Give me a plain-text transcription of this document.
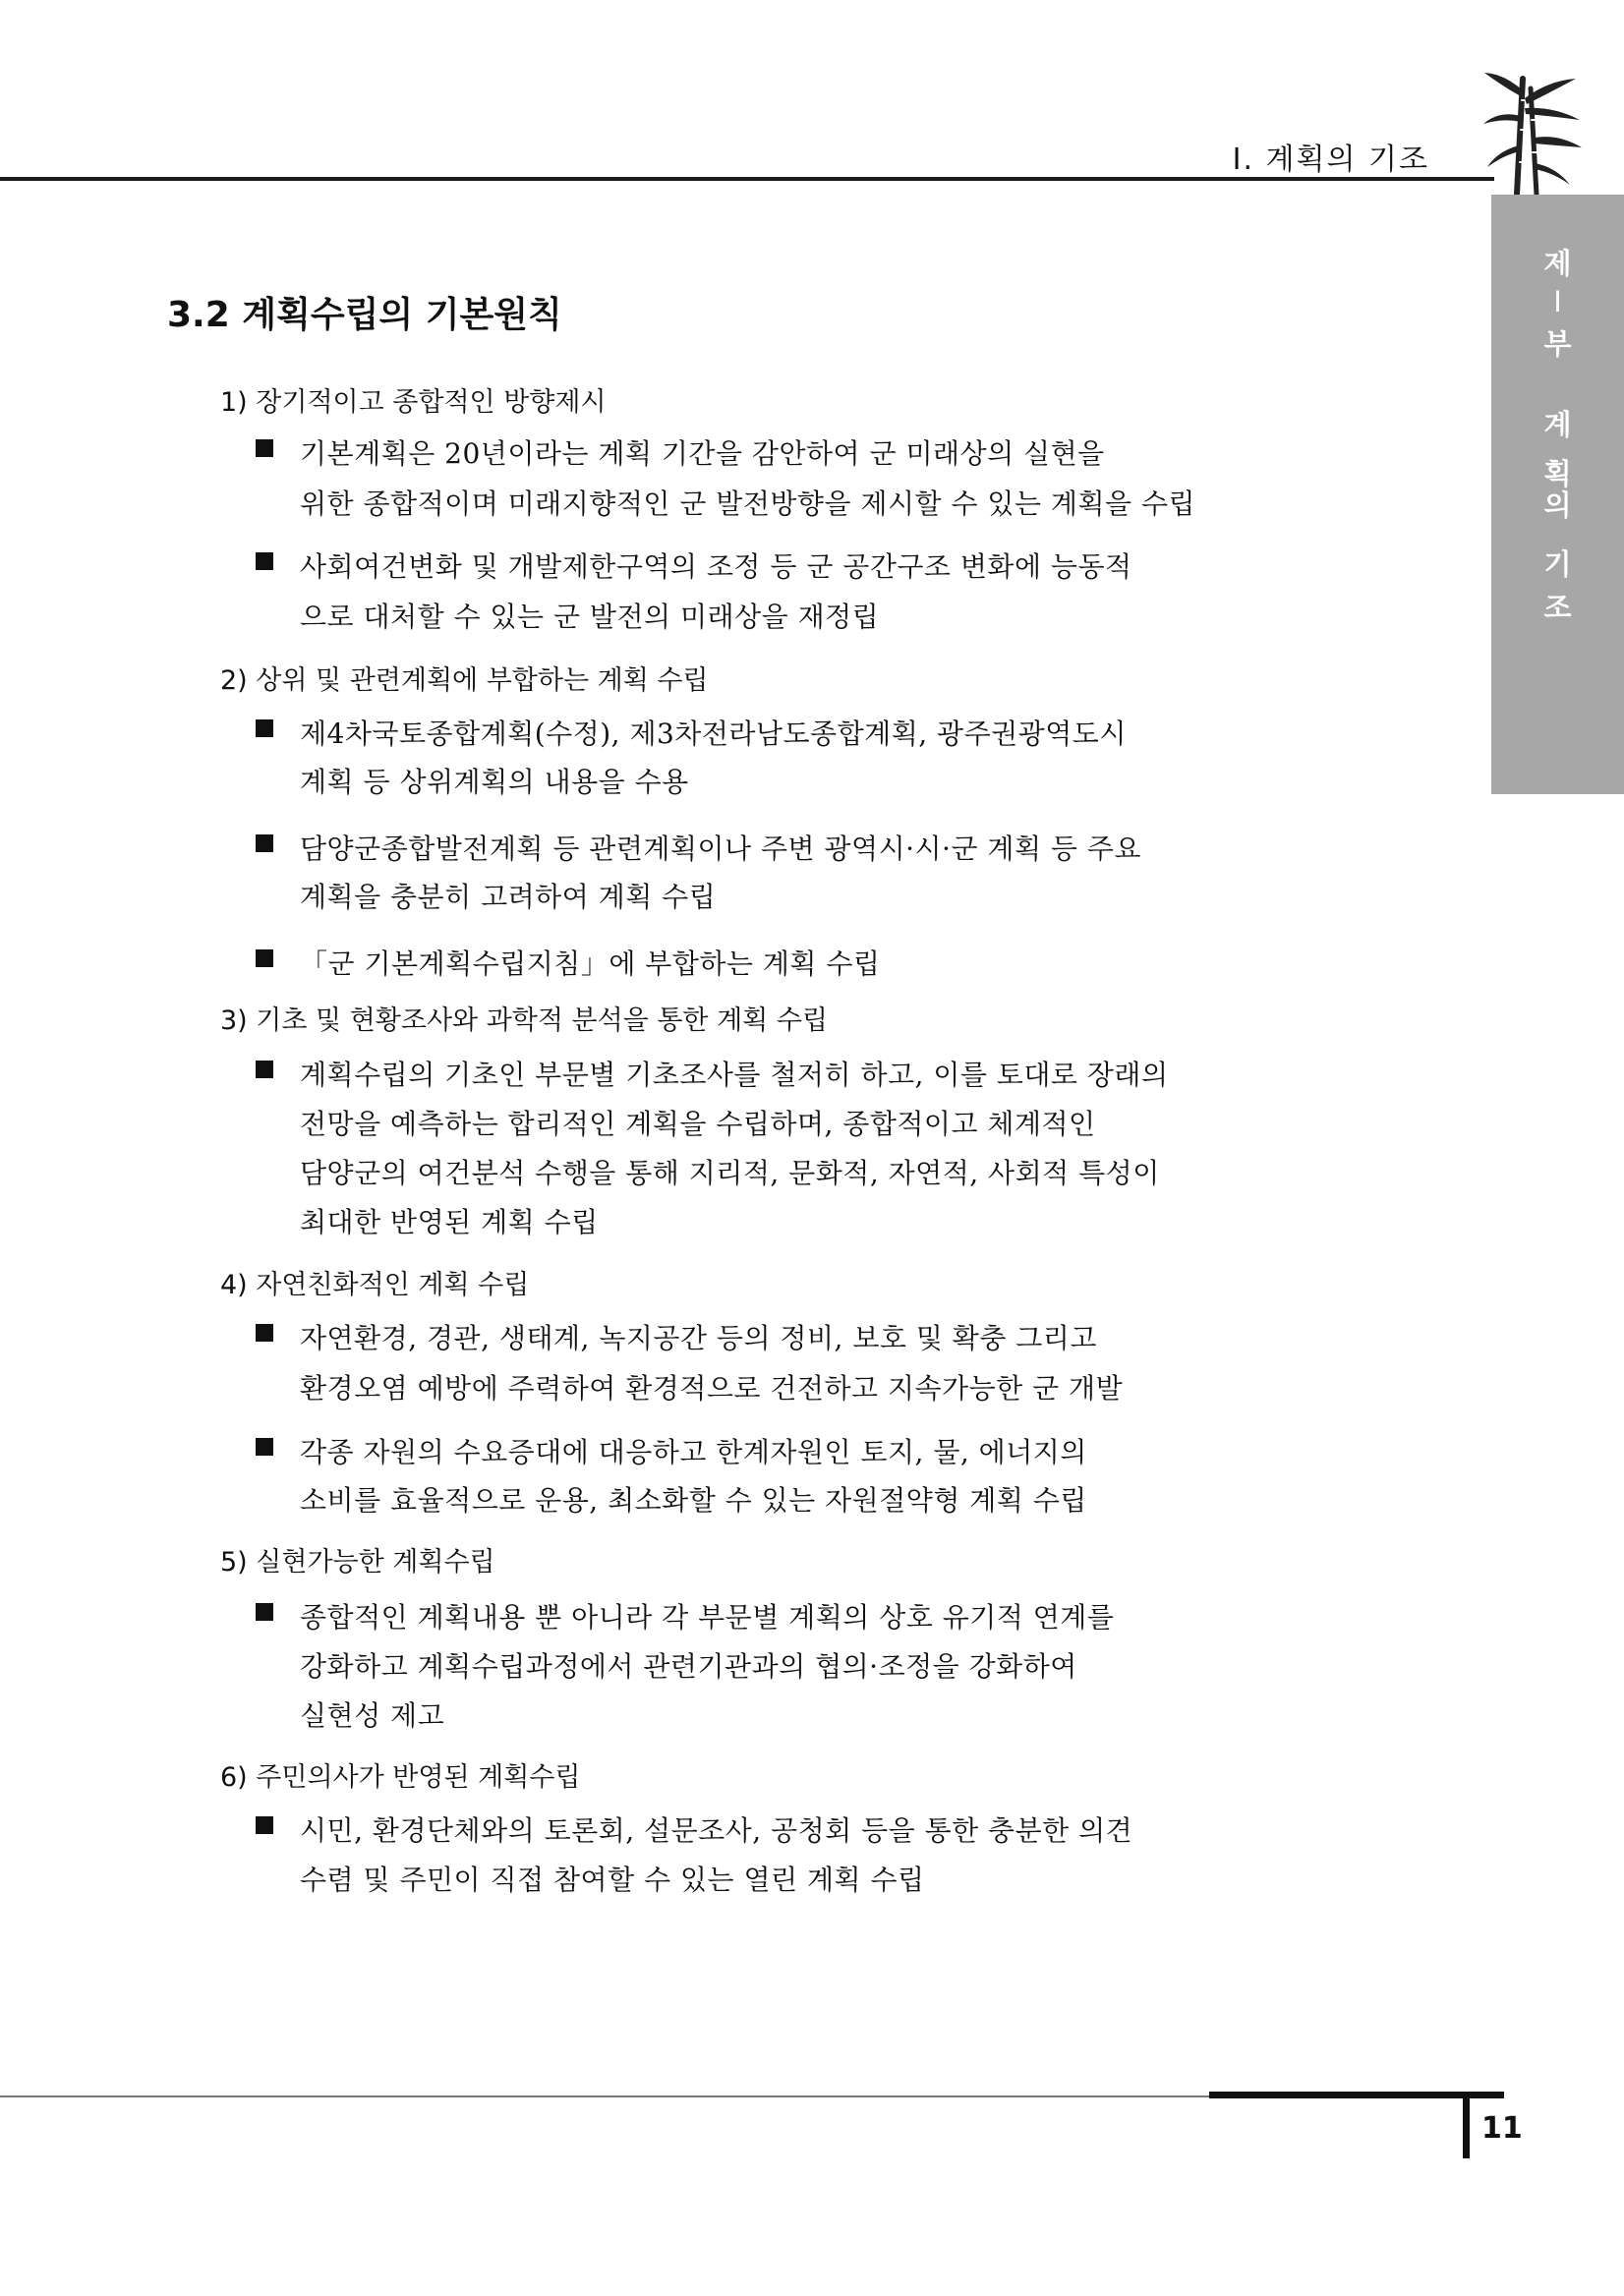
Ⅰ. 계획의 기조
제
Ⅰ
부
계
획
의
기
조
3.2 계획수립의 기본원칙
1) 장기적이고 종합적인 방향제시
기본계획은 20년이라는 계획 기간을 감안하여 군 미래상의 실현을
위한 종합적이며 미래지향적인 군 발전방향을 제시할 수 있는 계획을 수립
사회여건변화 및 개발제한구역의 조정 등 군 공간구조 변화에 능동적
으로 대처할 수 있는 군 발전의 미래상을 재정립
2) 상위 및 관련계획에 부합하는 계획 수립
제4차국토종합계획(수정), 제3차전라남도종합계획, 광주권광역도시
계획 등 상위계획의 내용을 수용
담양군종합발전계획 등 관련계획이나 주변 광역시·시·군 계획 등 주요
계획을 충분히 고려하여 계획 수립
「군 기본계획수립지침」에 부합하는 계획 수립
3) 기초 및 현황조사와 과학적 분석을 통한 계획 수립
계획수립의 기초인 부문별 기초조사를 철저히 하고, 이를 토대로 장래의
전망을 예측하는 합리적인 계획을 수립하며, 종합적이고 체계적인
담양군의 여건분석 수행을 통해 지리적, 문화적, 자연적, 사회적 특성이
최대한 반영된 계획 수립
4) 자연친화적인 계획 수립
자연환경, 경관, 생태계, 녹지공간 등의 정비, 보호 및 확충 그리고
환경오염 예방에 주력하여 환경적으로 건전하고 지속가능한 군 개발
각종 자원의 수요증대에 대응하고 한계자원인 토지, 물, 에너지의
소비를 효율적으로 운용, 최소화할 수 있는 자원절약형 계획 수립
5) 실현가능한 계획수립
종합적인 계획내용 뿐 아니라 각 부문별 계획의 상호 유기적 연계를
강화하고 계획수립과정에서 관련기관과의 협의·조정을 강화하여
실현성 제고
6) 주민의사가 반영된 계획수립
시민, 환경단체와의 토론회, 설문조사, 공청회 등을 통한 충분한 의견
수렴 및 주민이 직접 참여할 수 있는 열린 계획 수립
11
